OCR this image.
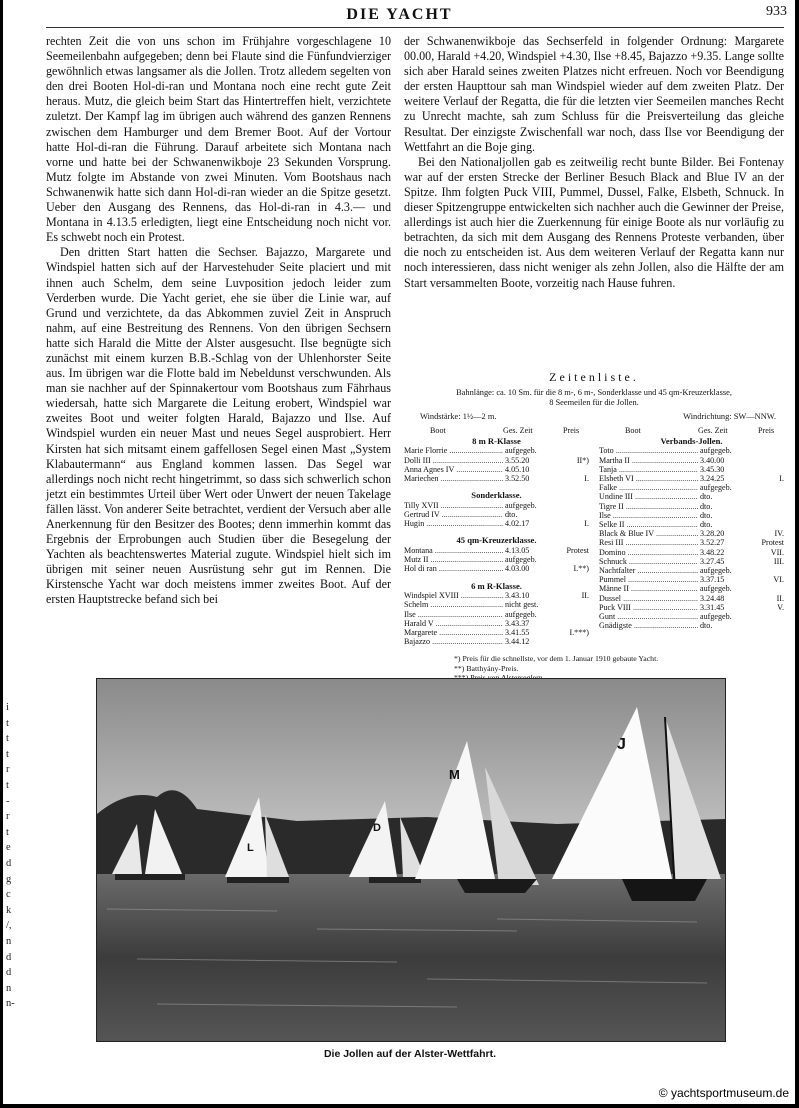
DIE YACHT	933
i
t
t
t
r
t
-
r
t
e
d
g
c
k
/,
n
d
d
n
n-

rechten Zeit die von uns schon im Frühjahre vorgeschlagene 10 Seemeilenbahn aufgegeben; denn bei Flaute sind die Fünfundvierziger gewöhnlich etwas langsamer als die Jollen. Trotz alledem segelten von den drei Booten Hol-di-ran und Montana noch eine recht gute Zeit heraus. Mutz, die gleich beim Start das Hintertreffen hielt, verzichtete zuletzt. Der Kampf lag im übrigen auch während des ganzen Rennens zwischen dem Hamburger und dem Bremer Boot. Auf der Vortour hatte Hol-di-ran die Führung. Darauf arbeitete sich Montana nach vorne und hatte bei der Schwanenwikboje 23 Sekunden Vorsprung. Mutz folgte im Abstande von zwei Minuten. Vom Bootshaus nach Schwanenwik hatte sich dann Hol-di-ran wieder an die Spitze gesetzt. Ueber den Ausgang des Rennens, das Hol-di-ran in 4.3.— und Montana in 4.13.5 erledigten, liegt eine Entscheidung noch nicht vor. Es schwebt noch ein Protest.

Den dritten Start hatten die Sechser. Bajazzo, Margarete und Windspiel hatten sich auf der Harvestehuder Seite placiert und mit ihnen auch Schelm, dem seine Luvposition jedoch leider zum Verderben wurde. Die Yacht geriet, ehe sie über die Linie war, auf Grund und verzichtete, da das Abkommen zuviel Zeit in Anspruch nahm, auf eine Bestreitung des Rennens. Von den übrigen Sechsern hatte sich Harald die Mitte der Alster ausgesucht. Ilse begnügte sich zunächst mit einem kurzen B.B.-Schlag von der Uhlenhorster Seite aus. Im übrigen war die Flotte bald im Nebeldunst verschwunden. Als man sie nachher auf der Spinnakertour vom Bootshaus zum Fährhaus wiedersah, hatte sich Margarete die Leitung erobert, Windspiel war zweites Boot und weiter folgten Harald, Bajazzo und Ilse. Auf Windspiel wurden ein neuer Mast und neues Segel ausprobiert. Herr Kirsten hat sich mitsamt einem gaffellosen Segel einen Mast „System Klabautermann“ aus England kommen lassen. Das Segel war allerdings noch nicht recht hingetrimmt, so dass sich schwerlich schon jetzt ein bestimmtes Urteil über Wert oder Unwert der neuen Takelage fällen lässt. Von anderer Seite betrachtet, verdient der Versuch aber alle Anerkennung für den Besitzer des Bootes; denn immerhin kommt das Ergebnis der Erprobungen auch Studien über die Besegelung der Yachten als beachtenswertes Material zugute. Windspiel hielt sich im übrigen mit seiner neuen Ausrüstung sehr gut im Rennen. Die Kirstensche Yacht war doch meistens immer zweites Boot. Auf der ersten Hauptstrecke befand sich bei

der Schwanenwikboje das Sechserfeld in folgender Ordnung: Margarete 00.00, Harald +4.20, Windspiel +4.30, Ilse +8.45, Bajazzo +9.35. Lange sollte sich aber Harald seines zweiten Platzes nicht erfreuen. Noch vor Beendigung der ersten Haupttour sah man Windspiel wieder auf dem zweiten Platz. Der weitere Verlauf der Regatta, die für die letzten vier Seemeilen manches Recht zu Unrecht machte, sah zum Schluss für die Preisverteilung das gleiche Resultat. Der einzigste Zwischenfall war noch, dass Ilse vor Beendigung der Wettfahrt an die Boje ging.

Bei den Nationaljollen gab es zeitweilig recht bunte Bilder. Bei Fontenay war auf der ersten Strecke der Berliner Besuch Black and Blue IV an der Spitze. Ihm folgten Puck VIII, Pummel, Dussel, Falke, Elsbeth, Schnuck. In dieser Spitzengruppe entwickelten sich nachher auch die Gewinner der Preise, allerdings ist auch hier die Zuerkennung für einige Boote als nur vorläufig zu betrachten, da sich mit dem Ausgang des Rennens Proteste verbanden, über die noch zu entscheiden ist. Aus dem weiteren Verlauf der Regatta kann nur noch interessieren, dass nicht weniger als zehn Jollen, also die Hälfte der am Start versammelten Boote, vorzeitig nach Hause fuhren.

Zeitenliste.
Bahnlänge: ca. 10 Sm. für die 8 m-, 6 m-, Sonderklasse und 45 qm-Kreuzerklasse,
8 Seemeilen für die Jollen.
Windstärke: 1½—2 m.	Windrichtung: SW—NNW.
Boot	Ges. Zeit	Preis
8 m R-Klasse
Marie Florrie .....	aufgegeb.
Dolli III .....	3.55.20	II*)
Anna Agnes IV .....	4.05.10
Mariechen .....	3.52.50	I.
Sonderklasse.
Tilly XVII .....	aufgegeb.
Gertrud IV .....	dto.
Hugin .....	4.02.17	I.
45 qm-Kreuzerklasse.
Montana .....	4.13.05	Protest
Mutz II .....	aufgegeb.
Hol di ran .....	4.03.00	I.**)
6 m R-Klasse.
Windspiel XVIII .....	3.43.10	II.
Schelm .....	nicht gest.
Ilse .....	aufgegeb.
Harald V .....	3.43.37
Margarete .....	3.41.55	I.***)
Bajazzo .....	3.44.12
Boot	Ges. Zeit	Preis
Verbands-Jollen.
Toto .....	aufgegeb.
Martha II .....	3.40.00
Tanja .....	3.45.30
Elsbeth VI .....	3.24.25	I.
Falke .....	aufgegeb.
Undine III .....	dto.
Tigre II .....	dto.
Ilse .....	dto.
Selke II .....	dto.
Black & Blue IV .....	3.28.20	IV.
Resi III .....	3.52.27	Protest
Domino .....	3.48.22	VII.
Schnuck .....	3.27.45	III.
Nachtfalter .....	aufgegeb.
Pummel .....	3.37.15	VI.
Männe II .....	aufgegeb.
Dussel .....	3.24.48	II.
Puck VIII .....	3.31.45	V.
Gunt .....	aufgegeb.
Gnädigste .....	dto.
*) Preis für die schnellste, vor dem 1. Januar 1910 gebaute Yacht.
**) Batthyány-Preis.
L
D
M
J
Die Jollen auf der Alster-Wettfahrt.
© yachtsportmuseum.de
